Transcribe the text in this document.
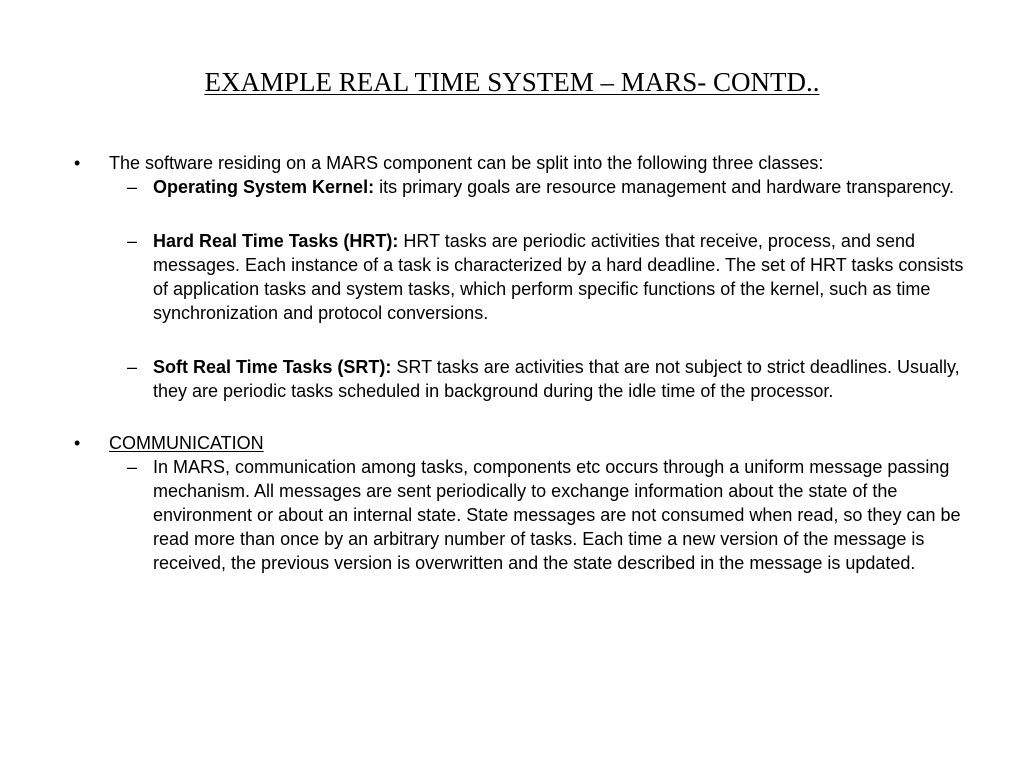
EXAMPLE REAL TIME SYSTEM – MARS- CONTD..

• The software residing on a MARS component can be split into the following three classes:

– Operating System Kernel: its primary goals are resource management and hardware transparency.

– Hard Real Time Tasks (HRT): HRT tasks are periodic activities that receive, process, and send messages. Each instance of a task is characterized by a hard deadline. The set of HRT tasks consists of application tasks and system tasks, which perform specific functions of the kernel, such as time synchronization and protocol conversions.

– Soft Real Time Tasks (SRT): SRT tasks are activities that are not subject to strict deadlines. Usually, they are periodic tasks scheduled in background during the idle time of the processor.

• COMMUNICATION

– In MARS, communication among tasks, components etc occurs through a uniform message passing mechanism. All messages are sent periodically to exchange information about the state of the environment or about an internal state. State messages are not consumed when read, so they can be read more than once by an arbitrary number of tasks. Each time a new version of the message is received, the previous version is overwritten and the state described in the message is updated.
